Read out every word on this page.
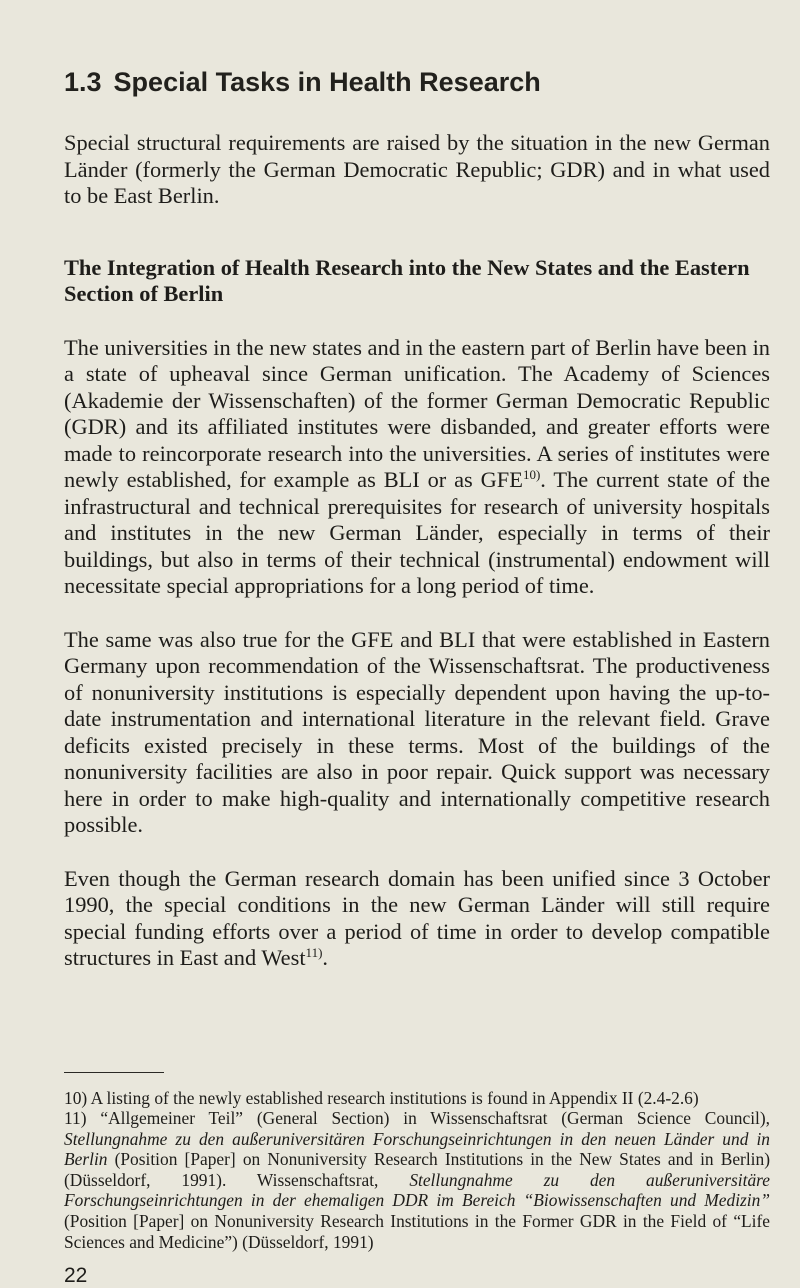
1.3 Special Tasks in Health Research

Special structural requirements are raised by the situation in the new German Länder (formerly the German Democratic Republic; GDR) and in what used to be East Berlin.

The Integration of Health Research into the New States and the Eastern Section of Berlin

The universities in the new states and in the eastern part of Berlin have been in a state of upheaval since German unification. The Academy of Sciences (Akademie der Wissenschaften) of the former German Democratic Republic (GDR) and its affiliated institutes were disbanded, and greater efforts were made to reincorporate research into the universities. A series of institutes were newly established, for example as BLI or as GFE$^{10)}$. The current state of the infrastructural and technical prerequisites for research of university hospitals and institutes in the new German Länder, especially in terms of their buildings, but also in terms of their technical (instrumental) endowment will necessitate special appropriations for a long period of time.

The same was also true for the GFE and BLI that were established in Eastern Germany upon recommendation of the Wissenschaftsrat. The productiveness of nonuniversity institutions is especially dependent upon having the up-to-date instrumentation and international literature in the relevant field. Grave deficits existed precisely in these terms. Most of the buildings of the nonuniversity facilities are also in poor repair. Quick support was necessary here in order to make high-quality and internationally competitive research possible.

Even though the German research domain has been unified since 3 October 1990, the special conditions in the new German Länder will still require special funding efforts over a period of time in order to develop compatible structures in East and West$^{11)}$.

10) A listing of the newly established research institutions is found in Appendix II (2.4-2.6)

11) “Allgemeiner Teil” (General Section) in Wissenschaftsrat (German Science Council), Stellungnahme zu den außeruniversitären Forschungseinrichtungen in den neuen Länder und in Berlin (Position [Paper] on Nonuniversity Research Institutions in the New States and in Berlin) (Düsseldorf, 1991). Wissenschaftsrat, Stellungnahme zu den außeruniversitäre Forschungseinrichtungen in der ehemaligen DDR im Bereich “Biowissenschaften und Medizin” (Position [Paper] on Nonuniversity Research Institutions in the Former GDR in the Field of “Life Sciences and Medicine”) (Düsseldorf, 1991)

22
